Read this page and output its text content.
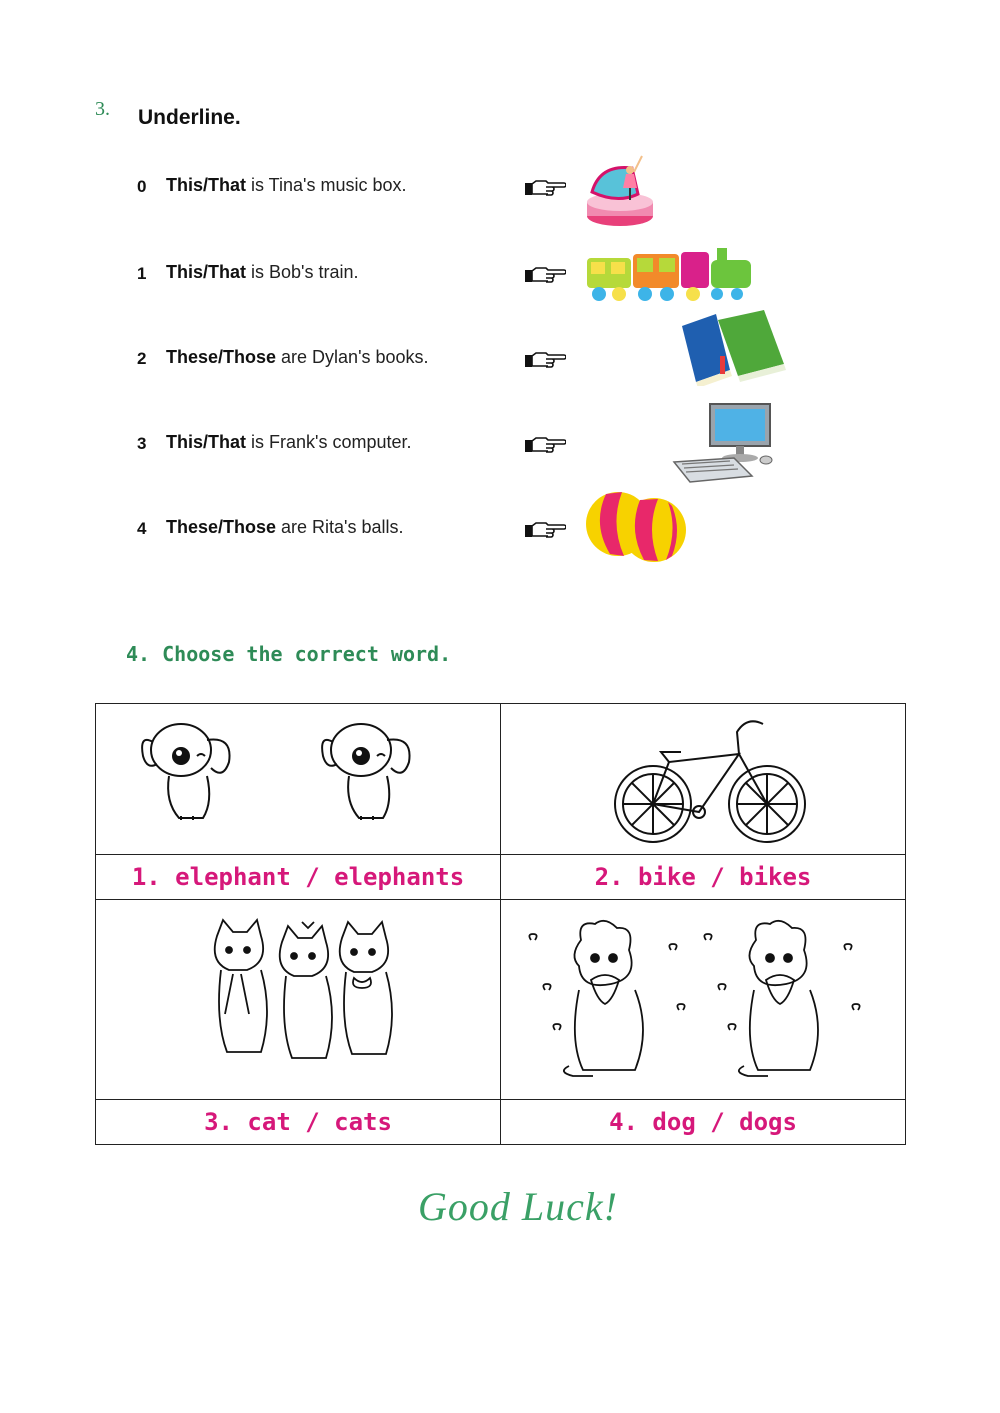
3. Underline.
0 This/That is Tina's music box.
1 This/That is Bob's train.
2 These/Those are Dylan's books.
3 This/That is Frank's computer.
4 These/Those are Rita's balls.
4. Choose the correct word.

1. elephant / elephants	2. bike / bikes

3. cat / cats	4. dog / dogs
Good Luck!
